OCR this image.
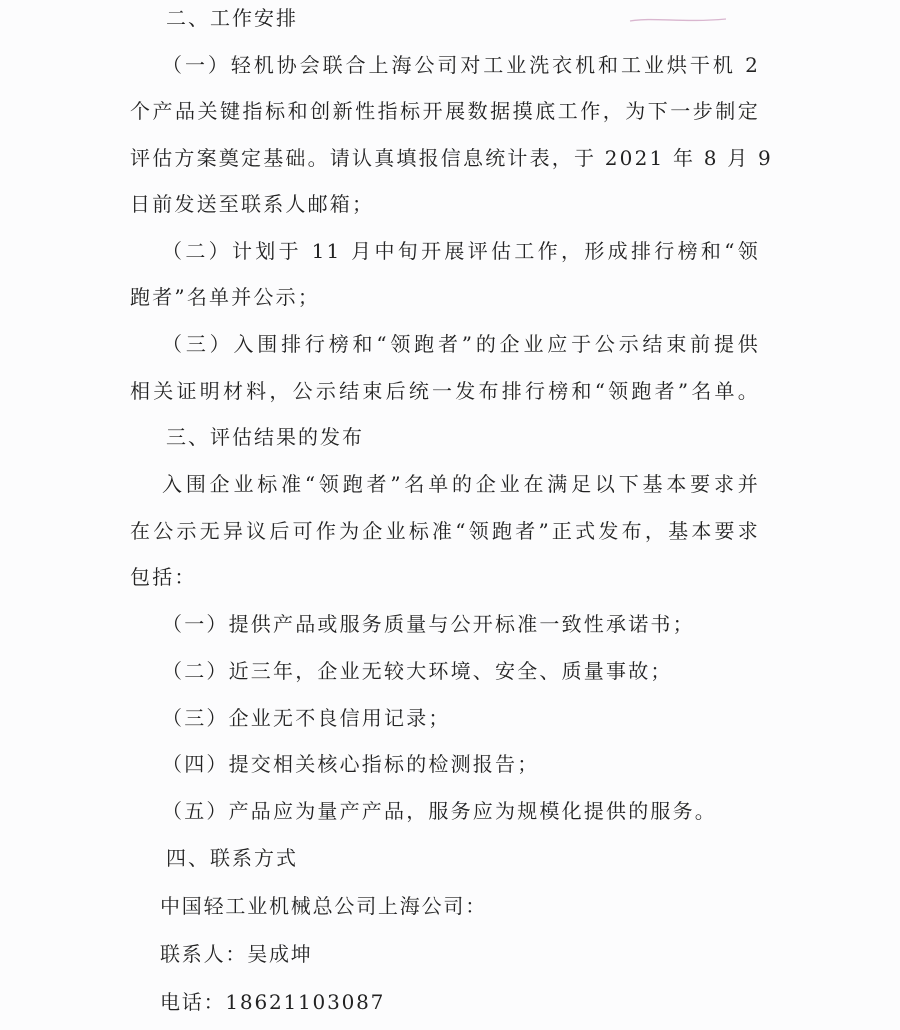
二、工作安排
（一）轻机协会联合上海公司对工业洗衣机和工业烘干机 2
个产品关键指标和创新性指标开展数据摸底工作，为下一步制定
评估方案奠定基础。请认真填报信息统计表，于 2021 年 8 月 9
日前发送至联系人邮箱；
（二）计划于 11 月中旬开展评估工作，形成排行榜和“领
跑者”名单并公示；
（三）入围排行榜和“领跑者”的企业应于公示结束前提供
相关证明材料，公示结束后统一发布排行榜和“领跑者”名单。
三、评估结果的发布
入围企业标准“领跑者”名单的企业在满足以下基本要求并
在公示无异议后可作为企业标准“领跑者”正式发布，基本要求
包括：
（一）提供产品或服务质量与公开标准一致性承诺书；
（二）近三年，企业无较大环境、安全、质量事故；
（三）企业无不良信用记录；
（四）提交相关核心指标的检测报告；
（五）产品应为量产产品，服务应为规模化提供的服务。
四、联系方式
中国轻工业机械总公司上海公司：
联系人：吴成坤
电话：18621103087
